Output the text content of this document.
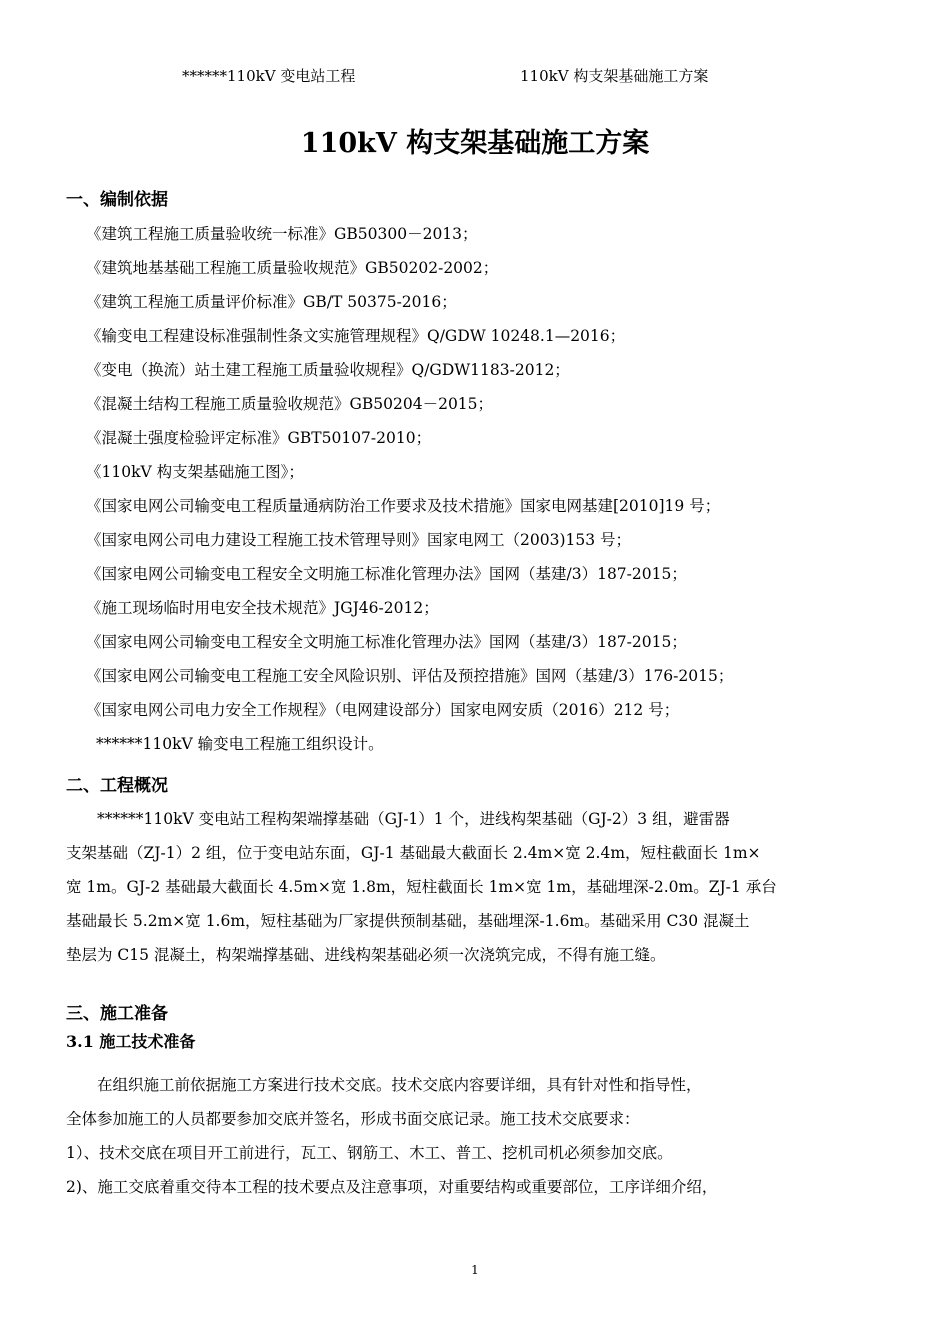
******110kV 变电站工程	110kV 构支架基础施工方案
110kV 构支架基础施工方案
一、编制依据
《建筑工程施工质量验收统一标准》GB50300－2013；
《建筑地基基础工程施工质量验收规范》GB50202-2002；
《建筑工程施工质量评价标准》GB/T 50375-2016；
《输变电工程建设标准强制性条文实施管理规程》Q/GDW 10248.1—2016；
《变电（换流）站土建工程施工质量验收规程》Q/GDW1183-2012；
《混凝土结构工程施工质量验收规范》GB50204－2015；
《混凝土强度检验评定标准》GBT50107-2010；
《110kV 构支架基础施工图》；
《国家电网公司输变电工程质量通病防治工作要求及技术措施》国家电网基建[2010]19 号；
《国家电网公司电力建设工程施工技术管理导则》国家电网工（2003)153 号；
《国家电网公司输变电工程安全文明施工标准化管理办法》国网（基建/3）187-2015；
《施工现场临时用电安全技术规范》JGJ46-2012；
《国家电网公司输变电工程安全文明施工标准化管理办法》国网（基建/3）187-2015；
《国家电网公司输变电工程施工安全风险识别、评估及预控措施》国网（基建/3）176-2015；
《国家电网公司电力安全工作规程》（电网建设部分）国家电网安质（2016）212 号；
******110kV 输变电工程施工组织设计。
二、工程概况
　　******110kV 变电站工程构架端撑基础（GJ-1）1 个，进线构架基础（GJ-2）3 组，避雷器
支架基础（ZJ-1）2 组，位于变电站东面，GJ-1 基础最大截面长 2.4m×宽 2.4m，短柱截面长 1m×
宽 1m。GJ-2 基础最大截面长 4.5m×宽 1.8m，短柱截面长 1m×宽 1m，基础埋深-2.0m。ZJ-1 承台
基础最长 5.2m×宽 1.6m，短柱基础为厂家提供预制基础，基础埋深-1.6m。基础采用 C30 混凝土
垫层为 C15 混凝土，构架端撑基础、进线构架基础必须一次浇筑完成，不得有施工缝。
三、施工准备
3.1 施工技术准备
　　在组织施工前依据施工方案进行技术交底。技术交底内容要详细，具有针对性和指导性，
全体参加施工的人员都要参加交底并签名，形成书面交底记录。施工技术交底要求：
1）、技术交底在项目开工前进行，瓦工、钢筋工、木工、普工、挖机司机必须参加交底。
2)、施工交底着重交待本工程的技术要点及注意事项，对重要结构或重要部位，工序详细介绍，
1
